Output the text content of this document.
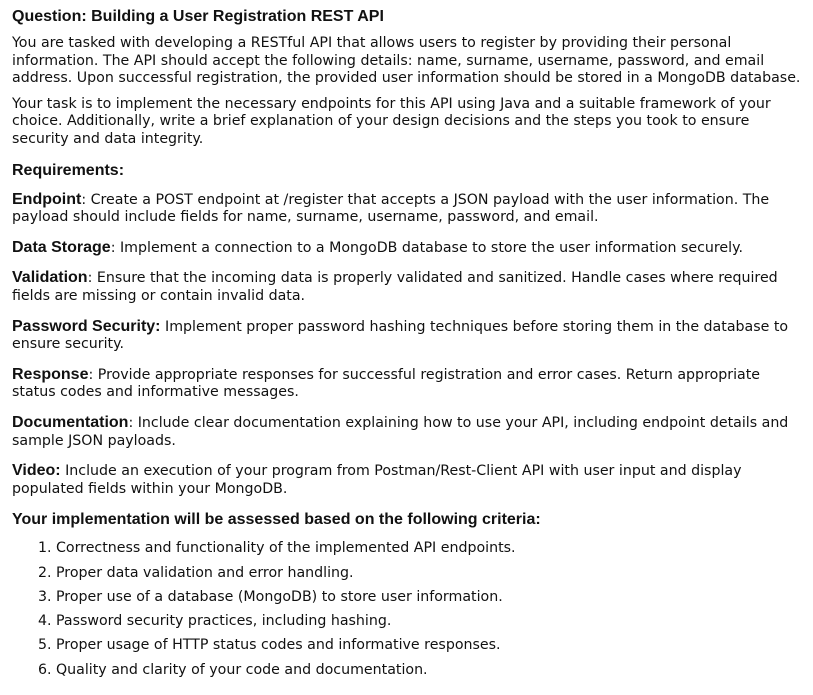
Question: Building a User Registration REST API

You are tasked with developing a RESTful API that allows users to register by providing their personal information. The API should accept the following details: name, surname, username, password, and email address. Upon successful registration, the provided user information should be stored in a MongoDB database.

Your task is to implement the necessary endpoints for this API using Java and a suitable framework of your choice. Additionally, write a brief explanation of your design decisions and the steps you took to ensure security and data integrity.

Requirements:

Endpoint: Create a POST endpoint at /register that accepts a JSON payload with the user information. The payload should include fields for name, surname, username, password, and email.

Data Storage: Implement a connection to a MongoDB database to store the user information securely.

Validation: Ensure that the incoming data is properly validated and sanitized. Handle cases where required fields are missing or contain invalid data.

Password Security: Implement proper password hashing techniques before storing them in the database to ensure security.

Response: Provide appropriate responses for successful registration and error cases. Return appropriate status codes and informative messages.

Documentation: Include clear documentation explaining how to use your API, including endpoint details and sample JSON payloads.

Video: Include an execution of your program from Postman/Rest-Client API with user input and display populated fields within your MongoDB.

Your implementation will be assessed based on the following criteria:
1. Correctness and functionality of the implemented API endpoints.
2. Proper data validation and error handling.
3. Proper use of a database (MongoDB) to store user information.
4. Password security practices, including hashing.
5. Proper usage of HTTP status codes and informative responses.
6. Quality and clarity of your code and documentation.
